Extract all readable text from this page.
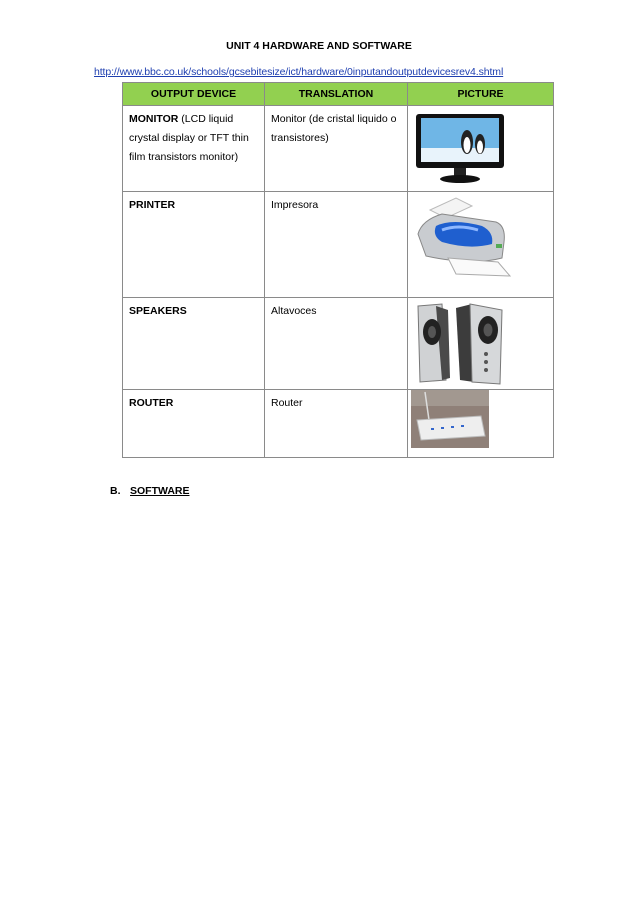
UNIT 4 HARDWARE AND SOFTWARE
http://www.bbc.co.uk/schools/gcsebitesize/ict/hardware/0inputandoutputdevicesrev4.shtml
OUTPUT DEVICE	TRANSLATION	PICTURE

MONITOR (LCD liquid crystal display or TFT thin film transistors monitor)	Monitor (de cristal liquido o transistores)

PRINTER	Impresora

SPEAKERS	Altavoces

ROUTER	Router

B. SOFTWARE
